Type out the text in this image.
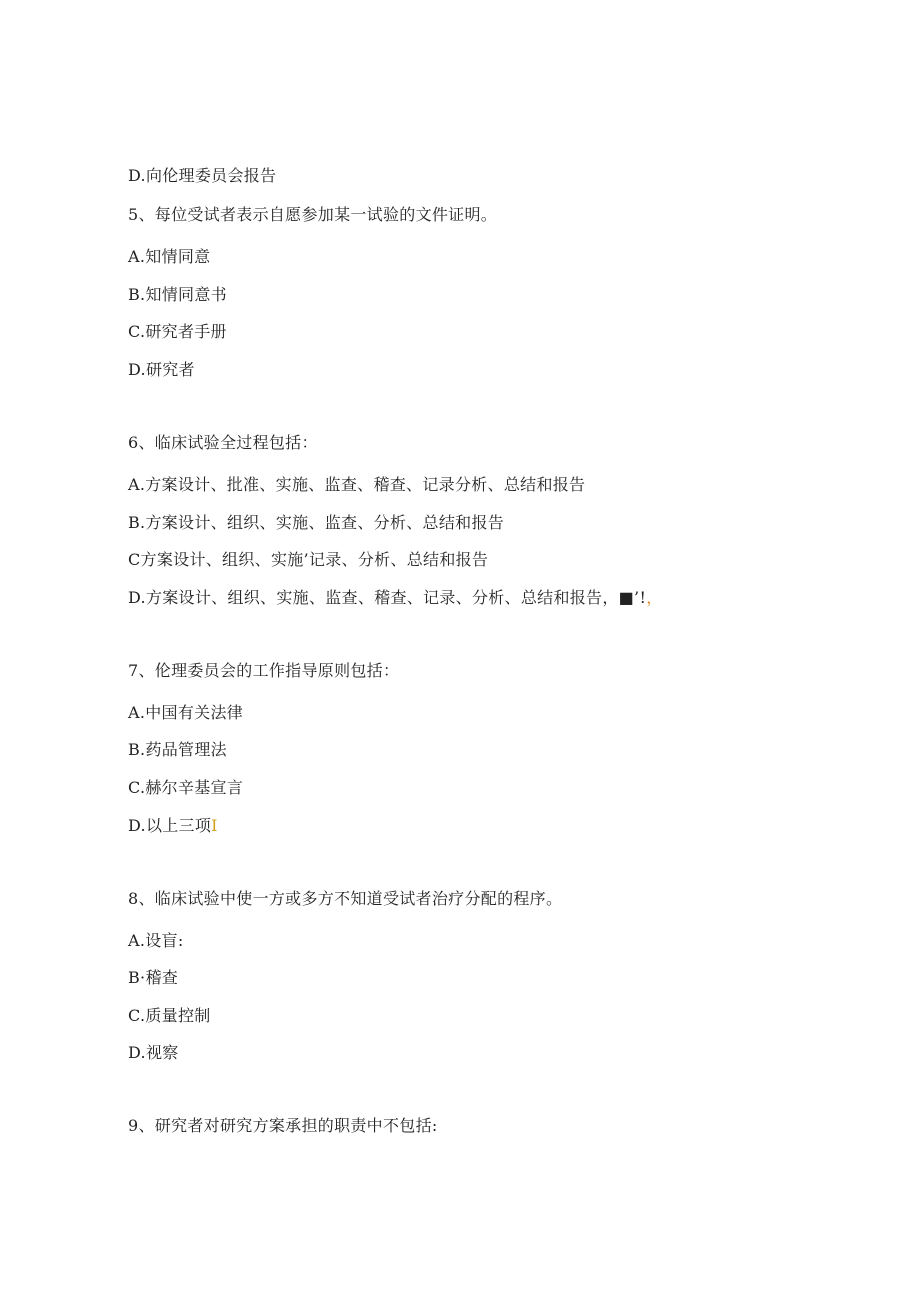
D.向伦理委员会报告
5、每位受试者表示自愿参加某一试验的文件证明。
A.知情同意
B.知情同意书
C.研究者手册
D.研究者
6、临床试验全过程包括：
A.方案设计、批准、实施、监查、稽查、记录分析、总结和报告
B.方案设计、组织、实施、监查、分析、总结和报告
C方案设计、组织、实施’记录、分析、总结和报告
D.方案设计、组织、实施、监查、稽查、记录、分析、总结和报告，■’!，
7、伦理委员会的工作指导原则包括：
A.中国有关法律
B.药品管理法
C.赫尔辛基宣言
D.以上三项I
8、临床试验中使一方或多方不知道受试者治疗分配的程序。
A.设盲:
B·稽查
C.质量控制
D.视察
9、研究者对研究方案承担的职责中不包括:
